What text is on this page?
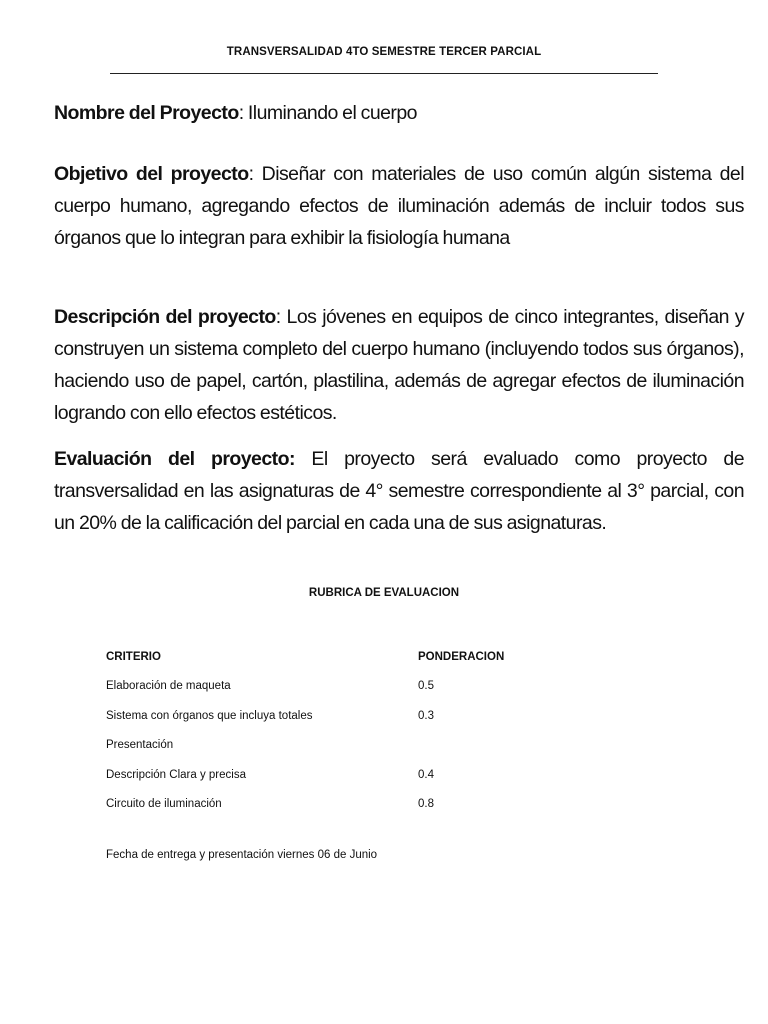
TRANSVERSALIDAD 4TO SEMESTRE TERCER PARCIAL
Nombre del Proyecto: Iluminando el cuerpo
Objetivo del proyecto: Diseñar con materiales de uso común algún sistema del cuerpo humano, agregando efectos de iluminación además de incluir todos sus órganos que lo integran para exhibir la fisiología humana
Descripción del proyecto: Los jóvenes en equipos de cinco integrantes, diseñan y construyen un sistema completo del cuerpo humano (incluyendo todos sus órganos), haciendo uso de papel, cartón, plastilina, además de agregar efectos de iluminación logrando con ello efectos estéticos.
Evaluación del proyecto: El proyecto será evaluado como proyecto de transversalidad en las asignaturas de 4° semestre correspondiente al 3° parcial, con un 20% de la calificación del parcial en cada una de sus asignaturas.
RUBRICA DE EVALUACION
CRITERIO	PONDERACION
Elaboración de maqueta	0.5
Sistema con órganos que incluya totales	0.3
Presentación
Descripción Clara y precisa	0.4
Circuito de iluminación	0.8
Fecha de entrega y presentación viernes 06 de Junio
